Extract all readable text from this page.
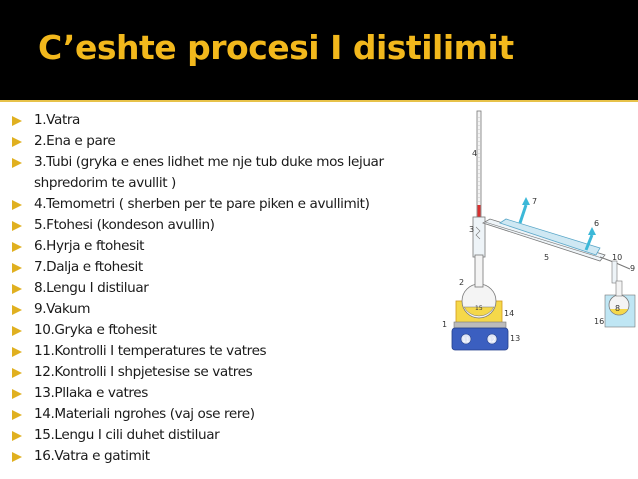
C’eshte procesi I distilimit
1.Vatra
2.Ena e pare
3.Tubi (gryka e enes lidhet me nje tub duke mos lejuar shpredorim te avullit )
4.Temometri ( sherben per te pare piken e avullimit)
5.Ftohesi (kondeson avullin)
6.Hyrja e ftohesit
7.Dalja e ftohesit
8.Lengu I distiluar
9.Vakum
10.Gryka e ftohesit
11.Kontrolli I temperatures te vatres
12.Kontrolli I shpjetesise se vatres
13.Pllaka e vatres
14.Materiali ngrohes (vaj ose rere)
15.Lengu I cili duhet distiluar
16.Vatra e gatimit
1
2
3
4
5
6
7
8
9
10
11	12 13
14
15
16
